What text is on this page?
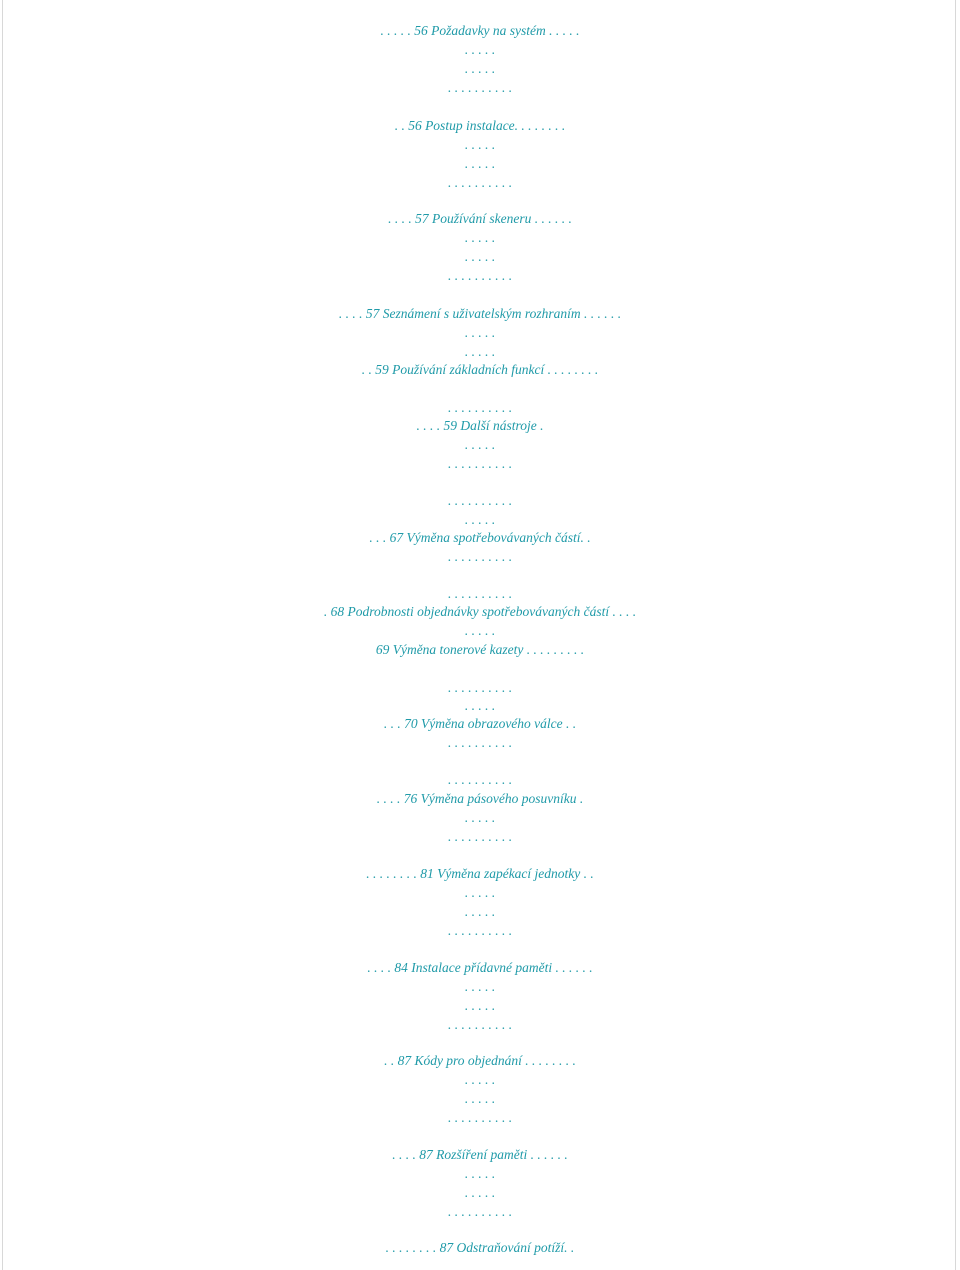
. . . . . 56 Požadavky na systém . . . . .
. . . . .
. . . . .
. . . . . . . . . .
. . 56 Postup instalace. . . . . . . .
. . . . .
. . . . .
. . . . . . . . . .
. . . . 57 Používání skeneru . . . . . .
. . . . .
. . . . .
. . . . . . . . . .
. . . . 57 Seznámení s uživatelským rozhraním . . . . . .
. . . . .
. . . . .
. . 59 Používání základních funkcí . . . . . . . .
. . . . . . . . . .
. . . . 59 Další nástroje .
. . . . .
. . . . . . . . . .
. . . . . . . . . .
. . . . .
. . . 67 Výměna spotřebovávaných částí. .
. . . . . . . . . .
. . . . . . . . . .
. 68 Podrobnosti objednávky spotřebovávaných částí . . . .
. . . . .
69 Výměna tonerové kazety . . . . . . . . .
. . . . . . . . . .
. . . . .
. . . 70 Výměna obrazového válce . .
. . . . . . . . . .
. . . . . . . . . .
. . . . 76 Výměna pásového posuvníku .
. . . . .
. . . . . . . . . .
. . . . . . . . 81 Výměna zapékací jednotky . .
. . . . .
. . . . .
. . . . . . . . . .
. . . . 84 Instalace přídavné paměti . . . . . .
. . . . .
. . . . .
. . . . . . . . . .
. . 87 Kódy pro objednání . . . . . . . .
. . . . .
. . . . .
. . . . . . . . . .
. . . . 87 Rozšíření paměti . . . . . .
. . . . .
. . . . .
. . . . . . . . . .
. . . . . . . . 87 Odstraňování potíží. .
